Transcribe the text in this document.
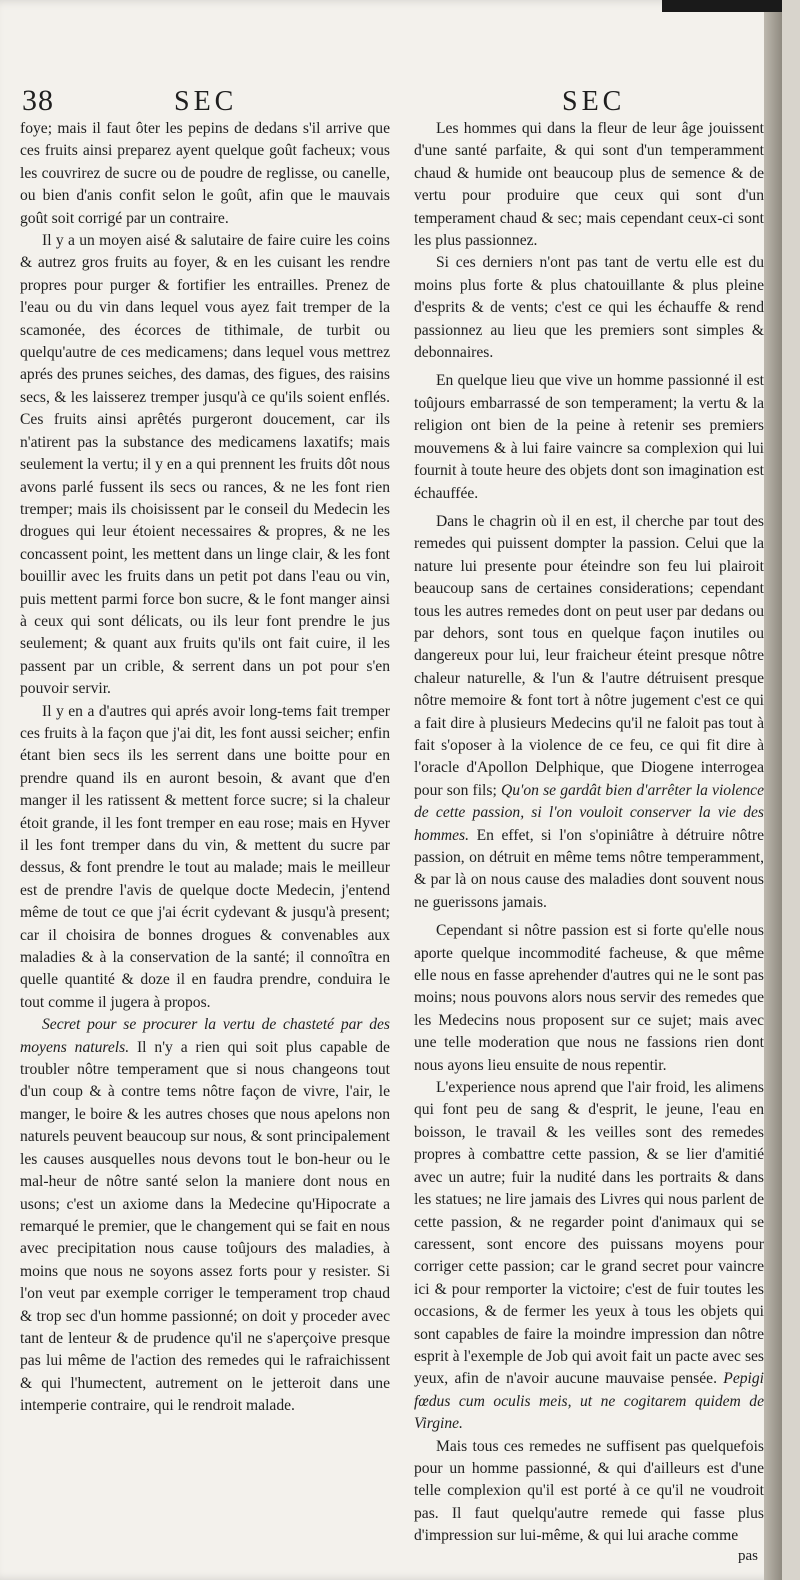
38	SEC	SEC

foye; mais il faut ôter les pepins de dedans s'il arrive que ces fruits ainsi preparez ayent quelque goût facheux; vous les couvrirez de sucre ou de poudre de reglisse, ou canelle, ou bien d'anis confit selon le goût, afin que le mauvais goût soit corrigé par un contraire.

Il y a un moyen aisé & salutaire de faire cuire les coins & autrez gros fruits au foyer, & en les cuisant les rendre propres pour purger & fortifier les entrailles. Prenez de l'eau ou du vin dans lequel vous ayez fait tremper de la scamonée, des écorces de tithimale, de turbit ou quelqu'autre de ces medicamens; dans lequel vous mettrez aprés des prunes seiches, des damas, des figues, des raisins secs, & les laisserez tremper jusqu'à ce qu'ils soient enflés. Ces fruits ainsi aprêtés purgeront doucement, car ils n'atirent pas la substance des medicamens laxatifs; mais seulement la vertu; il y en a qui prennent les fruits dôt nous avons parlé fussent ils secs ou rances, & ne les font rien tremper; mais ils choisissent par le conseil du Medecin les drogues qui leur étoient necessaires & propres, & ne les concassent point, les mettent dans un linge clair, & les font bouillir avec les fruits dans un petit pot dans l'eau ou vin, puis mettent parmi force bon sucre, & le font manger ainsi à ceux qui sont délicats, ou ils leur font prendre le jus seulement; & quant aux fruits qu'ils ont fait cuire, il les passent par un crible, & serrent dans un pot pour s'en pouvoir servir.

Il y en a d'autres qui aprés avoir long-tems fait tremper ces fruits à la façon que j'ai dit, les font aussi seicher; enfin étant bien secs ils les serrent dans une boitte pour en prendre quand ils en auront besoin, & avant que d'en manger il les ratissent & mettent force sucre; si la chaleur étoit grande, il les font tremper en eau rose; mais en Hyver il les font tremper dans du vin, & mettent du sucre par dessus, & font prendre le tout au malade; mais le meilleur est de prendre l'avis de quelque docte Medecin, j'entend même de tout ce que j'ai écrit cydevant & jusqu'à present; car il choisira de bonnes drogues & convenables aux maladies & à la conservation de la santé; il connoîtra en quelle quantité & doze il en faudra prendre, conduira le tout comme il jugera à propos.

Secret pour se procurer la vertu de chasteté par des moyens naturels. Il n'y a rien qui soit plus capable de troubler nôtre temperament que si nous changeons tout d'un coup & à contre tems nôtre façon de vivre, l'air, le manger, le boire & les autres choses que nous apelons non naturels peuvent beaucoup sur nous, & sont principalement les causes ausquelles nous devons tout le bon-heur ou le mal-heur de nôtre santé selon la maniere dont nous en usons; c'est un axiome dans la Medecine qu'Hipocrate a remarqué le premier, que le changement qui se fait en nous avec precipitation nous cause toûjours des maladies, à moins que nous ne soyons assez forts pour y resister. Si l'on veut par exemple corriger le temperament trop chaud & trop sec d'un homme passionné; on doit y proceder avec tant de lenteur & de prudence qu'il ne s'aperçoive presque pas lui même de l'action des remedes qui le rafraichissent & qui l'humectent, autrement on le jetteroit dans une intemperie contraire, qui le rendroit malade.

Les hommes qui dans la fleur de leur âge jouissent d'une santé parfaite, & qui sont d'un temperamment chaud & humide ont beaucoup plus de semence & de vertu pour produire que ceux qui sont d'un temperament chaud & sec; mais cependant ceux-ci sont les plus passionnez.

Si ces derniers n'ont pas tant de vertu elle est du moins plus forte & plus chatouillante & plus pleine d'esprits & de vents; c'est ce qui les échauffe & rend passionnez au lieu que les premiers sont simples & debonnaires.

En quelque lieu que vive un homme passionné il est toûjours embarrassé de son temperament; la vertu & la religion ont bien de la peine à retenir ses premiers mouvemens & à lui faire vaincre sa complexion qui lui fournit à toute heure des objets dont son imagination est échauffée.

Dans le chagrin où il en est, il cherche par tout des remedes qui puissent dompter la passion. Celui que la nature lui presente pour éteindre son feu lui plairoit beaucoup sans de certaines considerations; cependant tous les autres remedes dont on peut user par dedans ou par dehors, sont tous en quelque façon inutiles ou dangereux pour lui, leur fraicheur éteint presque nôtre chaleur naturelle, & l'un & l'autre détruisent presque nôtre memoire & font tort à nôtre jugement c'est ce qui a fait dire à plusieurs Medecins qu'il ne faloit pas tout à fait s'oposer à la violence de ce feu, ce qui fit dire à l'oracle d'Apollon Delphique, que Diogene interrogea pour son fils; Qu'on se gardât bien d'arrêter la violence de cette passion, si l'on vouloit conserver la vie des hommes. En effet, si l'on s'opiniâtre à détruire nôtre passion, on détruit en même tems nôtre temperamment, & par là on nous cause des maladies dont souvent nous ne guerissons jamais.

Cependant si nôtre passion est si forte qu'elle nous aporte quelque incommodité facheuse, & que même elle nous en fasse aprehender d'autres qui ne le sont pas moins; nous pouvons alors nous servir des remedes que les Medecins nous proposent sur ce sujet; mais avec une telle moderation que nous ne fassions rien dont nous ayons lieu ensuite de nous repentir.

L'experience nous aprend que l'air froid, les alimens qui font peu de sang & d'esprit, le jeune, l'eau en boisson, le travail & les veilles sont des remedes propres à combattre cette passion, & se lier d'amitié avec un autre; fuir la nudité dans les portraits & dans les statues; ne lire jamais des Livres qui nous parlent de cette passion, & ne regarder point d'animaux qui se caressent, sont encore des puissans moyens pour corriger cette passion; car le grand secret pour vaincre ici & pour remporter la victoire; c'est de fuir toutes les occasions, & de fermer les yeux à tous les objets qui sont capables de faire la moindre impression dan nôtre esprit à l'exemple de Job qui avoit fait un pacte avec ses yeux, afin de n'avoir aucune mauvaise pensée. Pepigi fœdus cum oculis meis, ut ne cogitarem quidem de Virgine.

Mais tous ces remedes ne suffisent pas quelquefois pour un homme passionné, & qui d'ailleurs est d'une telle complexion qu'il est porté à ce qu'il ne voudroit pas. Il faut quelqu'autre remede qui fasse plus d'impression sur lui-même, & qui lui arache comme

pas
